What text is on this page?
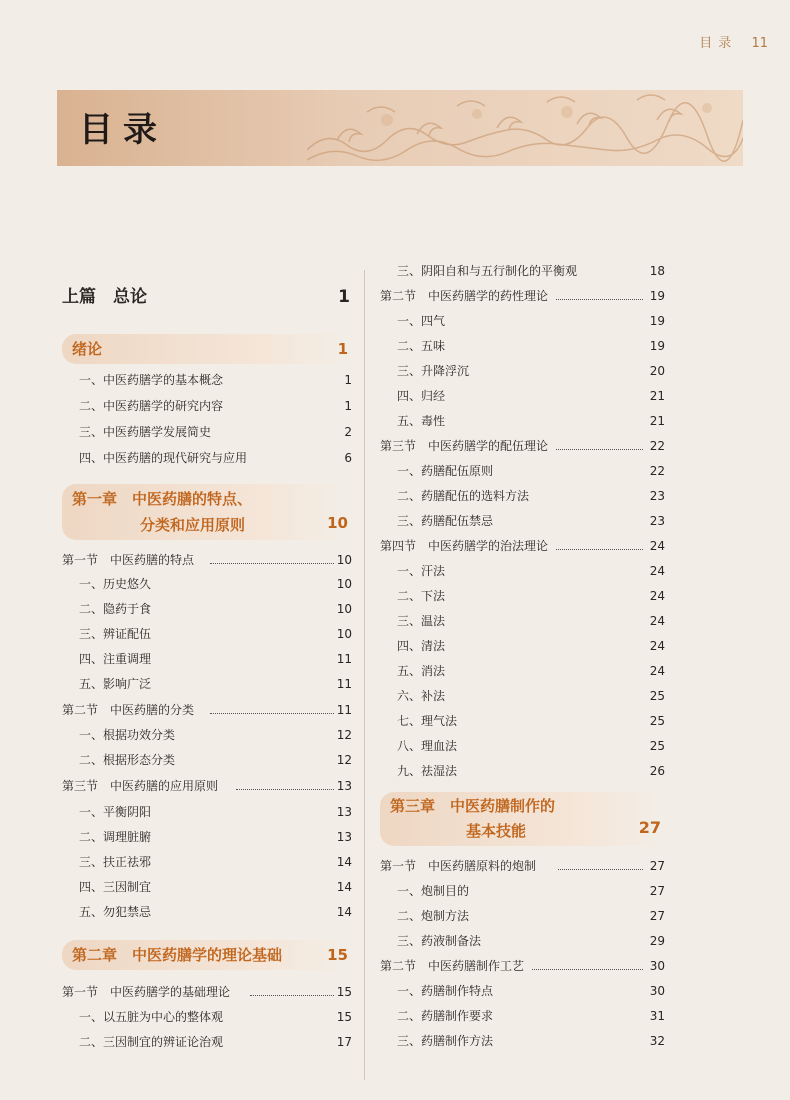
目录 11
目录
上篇　总论	1
绪论	1
一、中医药膳学的基本概念	1
二、中医药膳学的研究内容	1
三、中医药膳学发展简史	2
四、中医药膳的现代研究与应用	6
第一章　中医药膳的特点、
分类和应用原则	10
第一节　中医药膳的特点	10
一、历史悠久	10
二、隐药于食	10
三、辨证配伍	10
四、注重调理	11
五、影响广泛	11
第二节　中医药膳的分类	11
一、根据功效分类	12
二、根据形态分类	12
第三节　中医药膳的应用原则	13
一、平衡阴阳	13
二、调理脏腑	13
三、扶正祛邪	14
四、三因制宜	14
五、勿犯禁忌	14
第二章　中医药膳学的理论基础	15
第一节　中医药膳学的基础理论	15
一、以五脏为中心的整体观	15
二、三因制宜的辨证论治观	17
三、阴阳自和与五行制化的平衡观	18
第二节　中医药膳学的药性理论	19
一、四气	19
二、五味	19
三、升降浮沉	20
四、归经	21
五、毒性	21
第三节　中医药膳学的配伍理论	22
一、药膳配伍原则	22
二、药膳配伍的选料方法	23
三、药膳配伍禁忌	23
第四节　中医药膳学的治法理论	24
一、汗法	24
二、下法	24
三、温法	24
四、清法	24
五、消法	24
六、补法	25
七、理气法	25
八、理血法	25
九、祛湿法	26
第三章　中医药膳制作的
基本技能	27
第一节　中医药膳原料的炮制	27
一、炮制目的	27
二、炮制方法	27
三、药液制备法	29
第二节　中医药膳制作工艺	30
一、药膳制作特点	30
二、药膳制作要求	31
三、药膳制作方法	32
